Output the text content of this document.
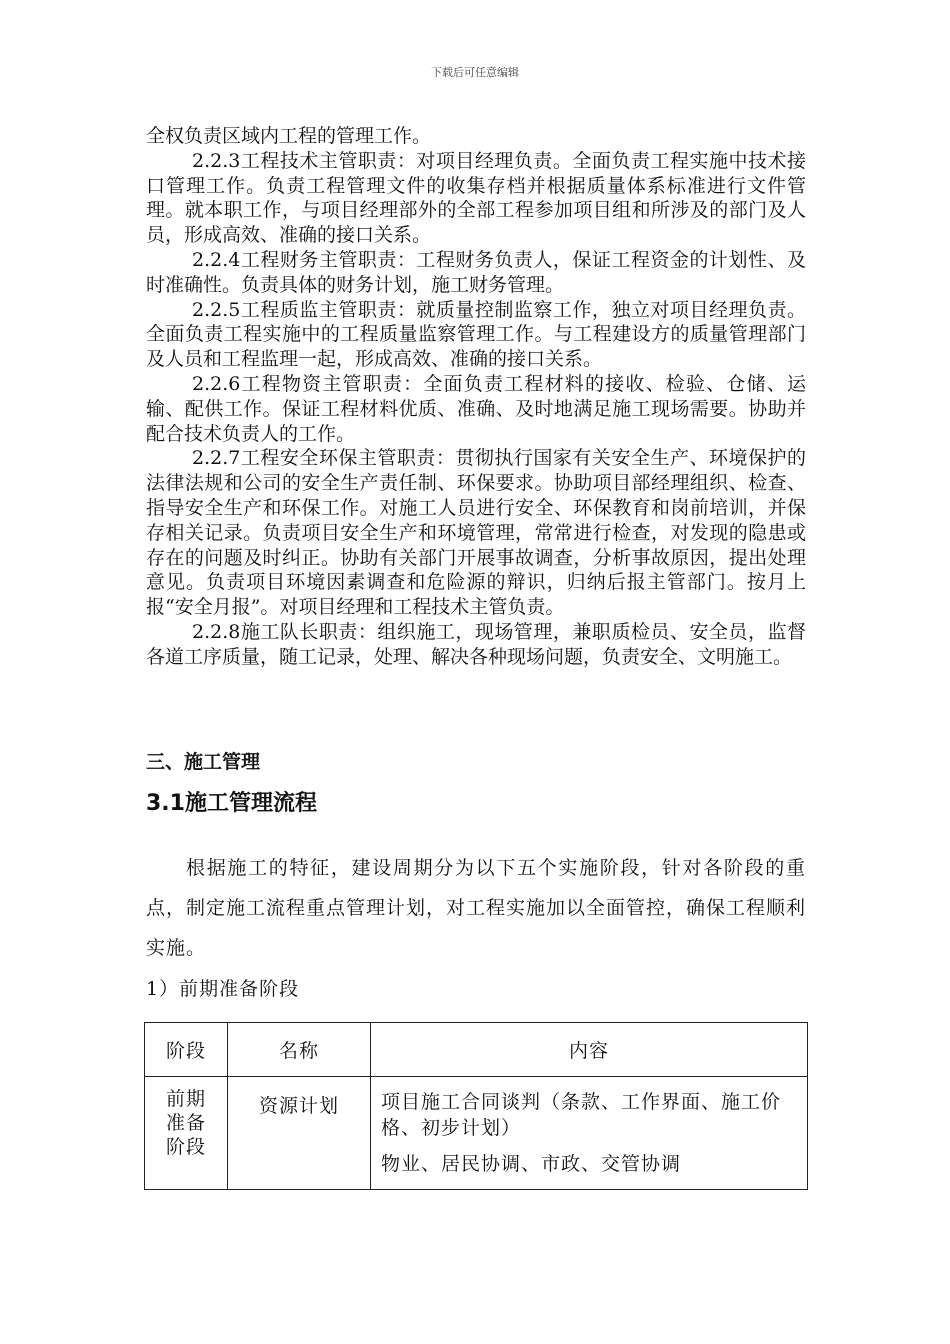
下载后可任意编辑

全权负责区域内工程的管理工作。

2.2.3工程技术主管职责：对项目经理负责。全面负责工程实施中技术接口管理工作。负责工程管理文件的收集存档并根据质量体系标准进行文件管理。就本职工作，与项目经理部外的全部工程参加项目组和所涉及的部门及人员，形成高效、准确的接口关系。

2.2.4工程财务主管职责：工程财务负责人，保证工程资金的计划性、及时准确性。负责具体的财务计划，施工财务管理。

2.2.5工程质监主管职责：就质量控制监察工作，独立对项目经理负责。全面负责工程实施中的工程质量监察管理工作。与工程建设方的质量管理部门及人员和工程监理一起，形成高效、准确的接口关系。

2.2.6工程物资主管职责：全面负责工程材料的接收、检验、仓储、运输、配供工作。保证工程材料优质、准确、及时地满足施工现场需要。协助并配合技术负责人的工作。

2.2.7工程安全环保主管职责：贯彻执行国家有关安全生产、环境保护的法律法规和公司的安全生产责任制、环保要求。协助项目部经理组织、检查、指导安全生产和环保工作。对施工人员进行安全、环保教育和岗前培训，并保存相关记录。负责项目安全生产和环境管理，常常进行检查，对发现的隐患或存在的问题及时纠正。协助有关部门开展事故调查，分析事故原因，提出处理意见。负责项目环境因素调查和危险源的辩识，归纳后报主管部门。按月上报“安全月报”。对项目经理和工程技术主管负责。

2.2.8施工队长职责：组织施工，现场管理，兼职质检员、安全员，监督各道工序质量，随工记录，处理、解决各种现场问题，负责安全、文明施工。

三、施工管理
3.1施工管理流程
根据施工的特征，建设周期分为以下五个实施阶段，针对各阶段的重点，制定施工流程重点管理计划，对工程实施加以全面管控，确保工程顺利实施。
1）前期准备阶段
阶段	名称	内容
前期准备阶段	资源计划	项目施工合同谈判（条款、工作界面、施工价格、初步计划）

物业、居民协调、市政、交管协调
